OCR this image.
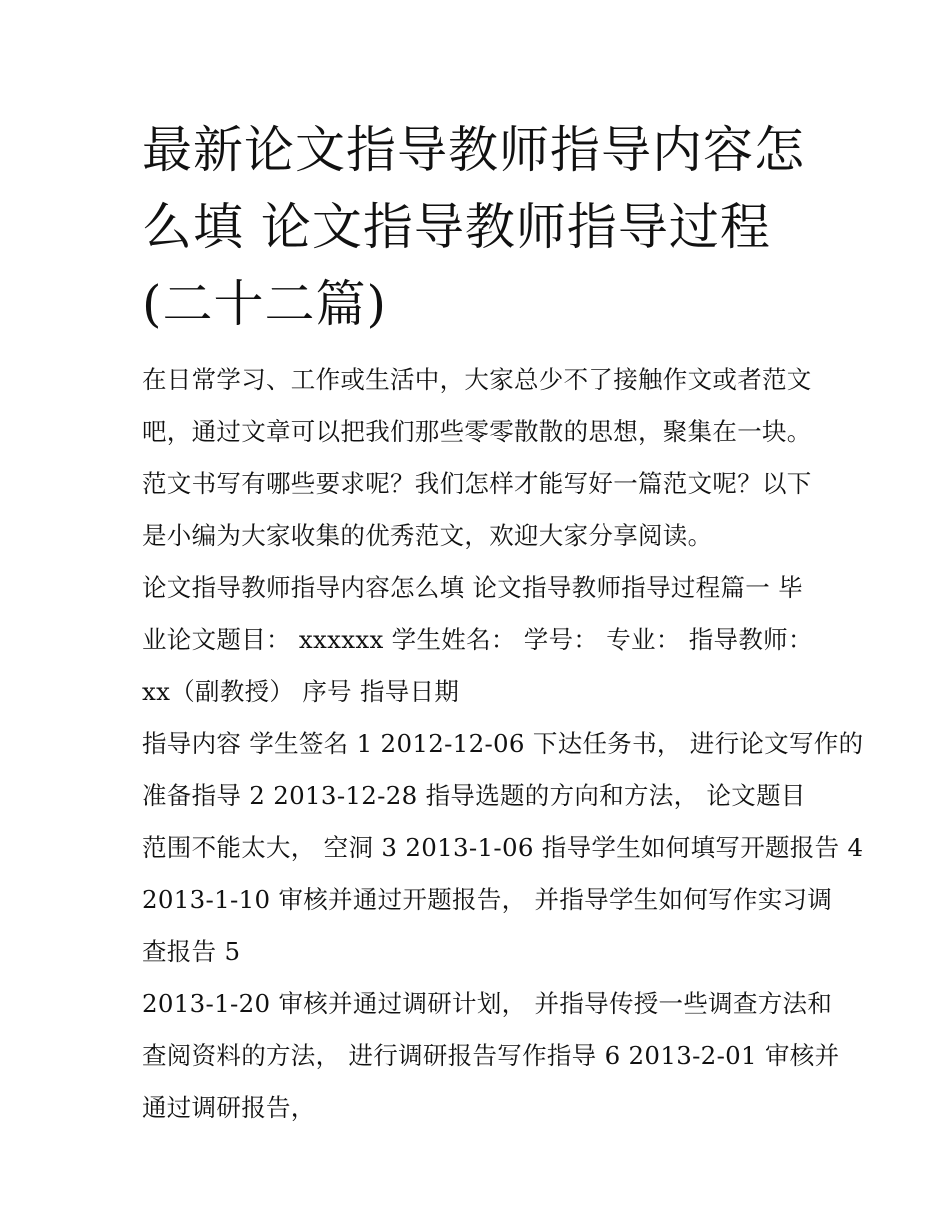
最新论文指导教师指导内容怎
么填 论文指导教师指导过程
(二十二篇)

在日常学习、工作或生活中，大家总少不了接触作文或者范文
吧，通过文章可以把我们那些零零散散的思想，聚集在一块。
范文书写有哪些要求呢？我们怎样才能写好一篇范文呢？以下
是小编为大家收集的优秀范文，欢迎大家分享阅读。

论文指导教师指导内容怎么填 论文指导教师指导过程篇一 毕
业论文题目： xxxxxx 学生姓名： 学号： 专业： 指导教师：
xx（副教授） 序号 指导日期

指导内容 学生签名 1 2012-12-06 下达任务书， 进行论文写作的
准备指导 2 2013-12-28 指导选题的方向和方法， 论文题目

范围不能太大， 空洞 3 2013-1-06 指导学生如何填写开题报告 4
2013-1-10 审核并通过开题报告， 并指导学生如何写作实习调
查报告 5

2013-1-20 审核并通过调研计划， 并指导传授一些调查方法和
查阅资料的方法， 进行调研报告写作指导 6 2013-2-01 审核并
通过调研报告，
